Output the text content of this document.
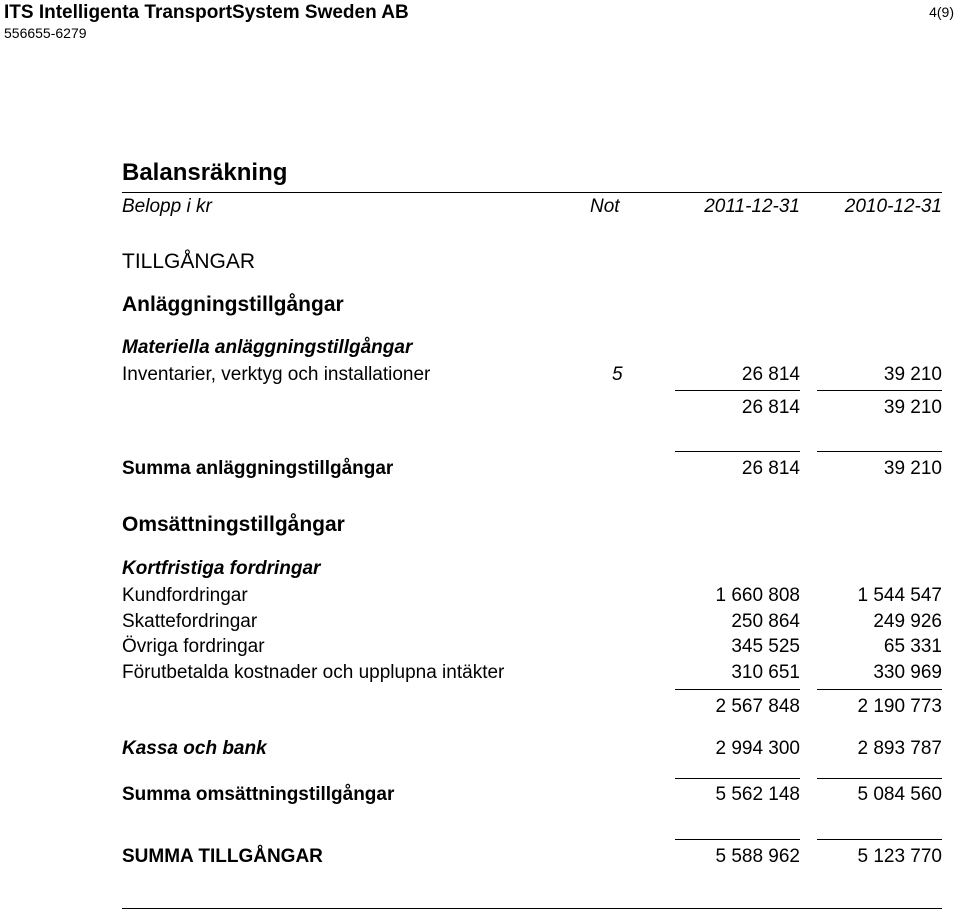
ITS Intelligenta TransportSystem Sweden AB
556655-6279
4(9)
Balansräkning
Belopp i kr	Not	2011-12-31 2010-12-31
TILLGÅNGAR
Anläggningstillgångar
Materiella anläggningstillgångar
Inventarier, verktyg och installationer	5	26 814	39 210
26 814	39 210
Summa anläggningstillgångar	26 814	39 210
Omsättningstillgångar
Kortfristiga fordringar
Kundfordringar	1 660 808	1 544 547
Skattefordringar	250 864	249 926
Övriga fordringar	345 525	65 331
Förutbetalda kostnader och upplupna intäkter	310 651	330 969
2 567 848	2 190 773
Kassa och bank	2 994 300	2 893 787
Summa omsättningstillgångar	5 562 148	5 084 560
SUMMA TILLGÅNGAR	5 588 962	5 123 770
